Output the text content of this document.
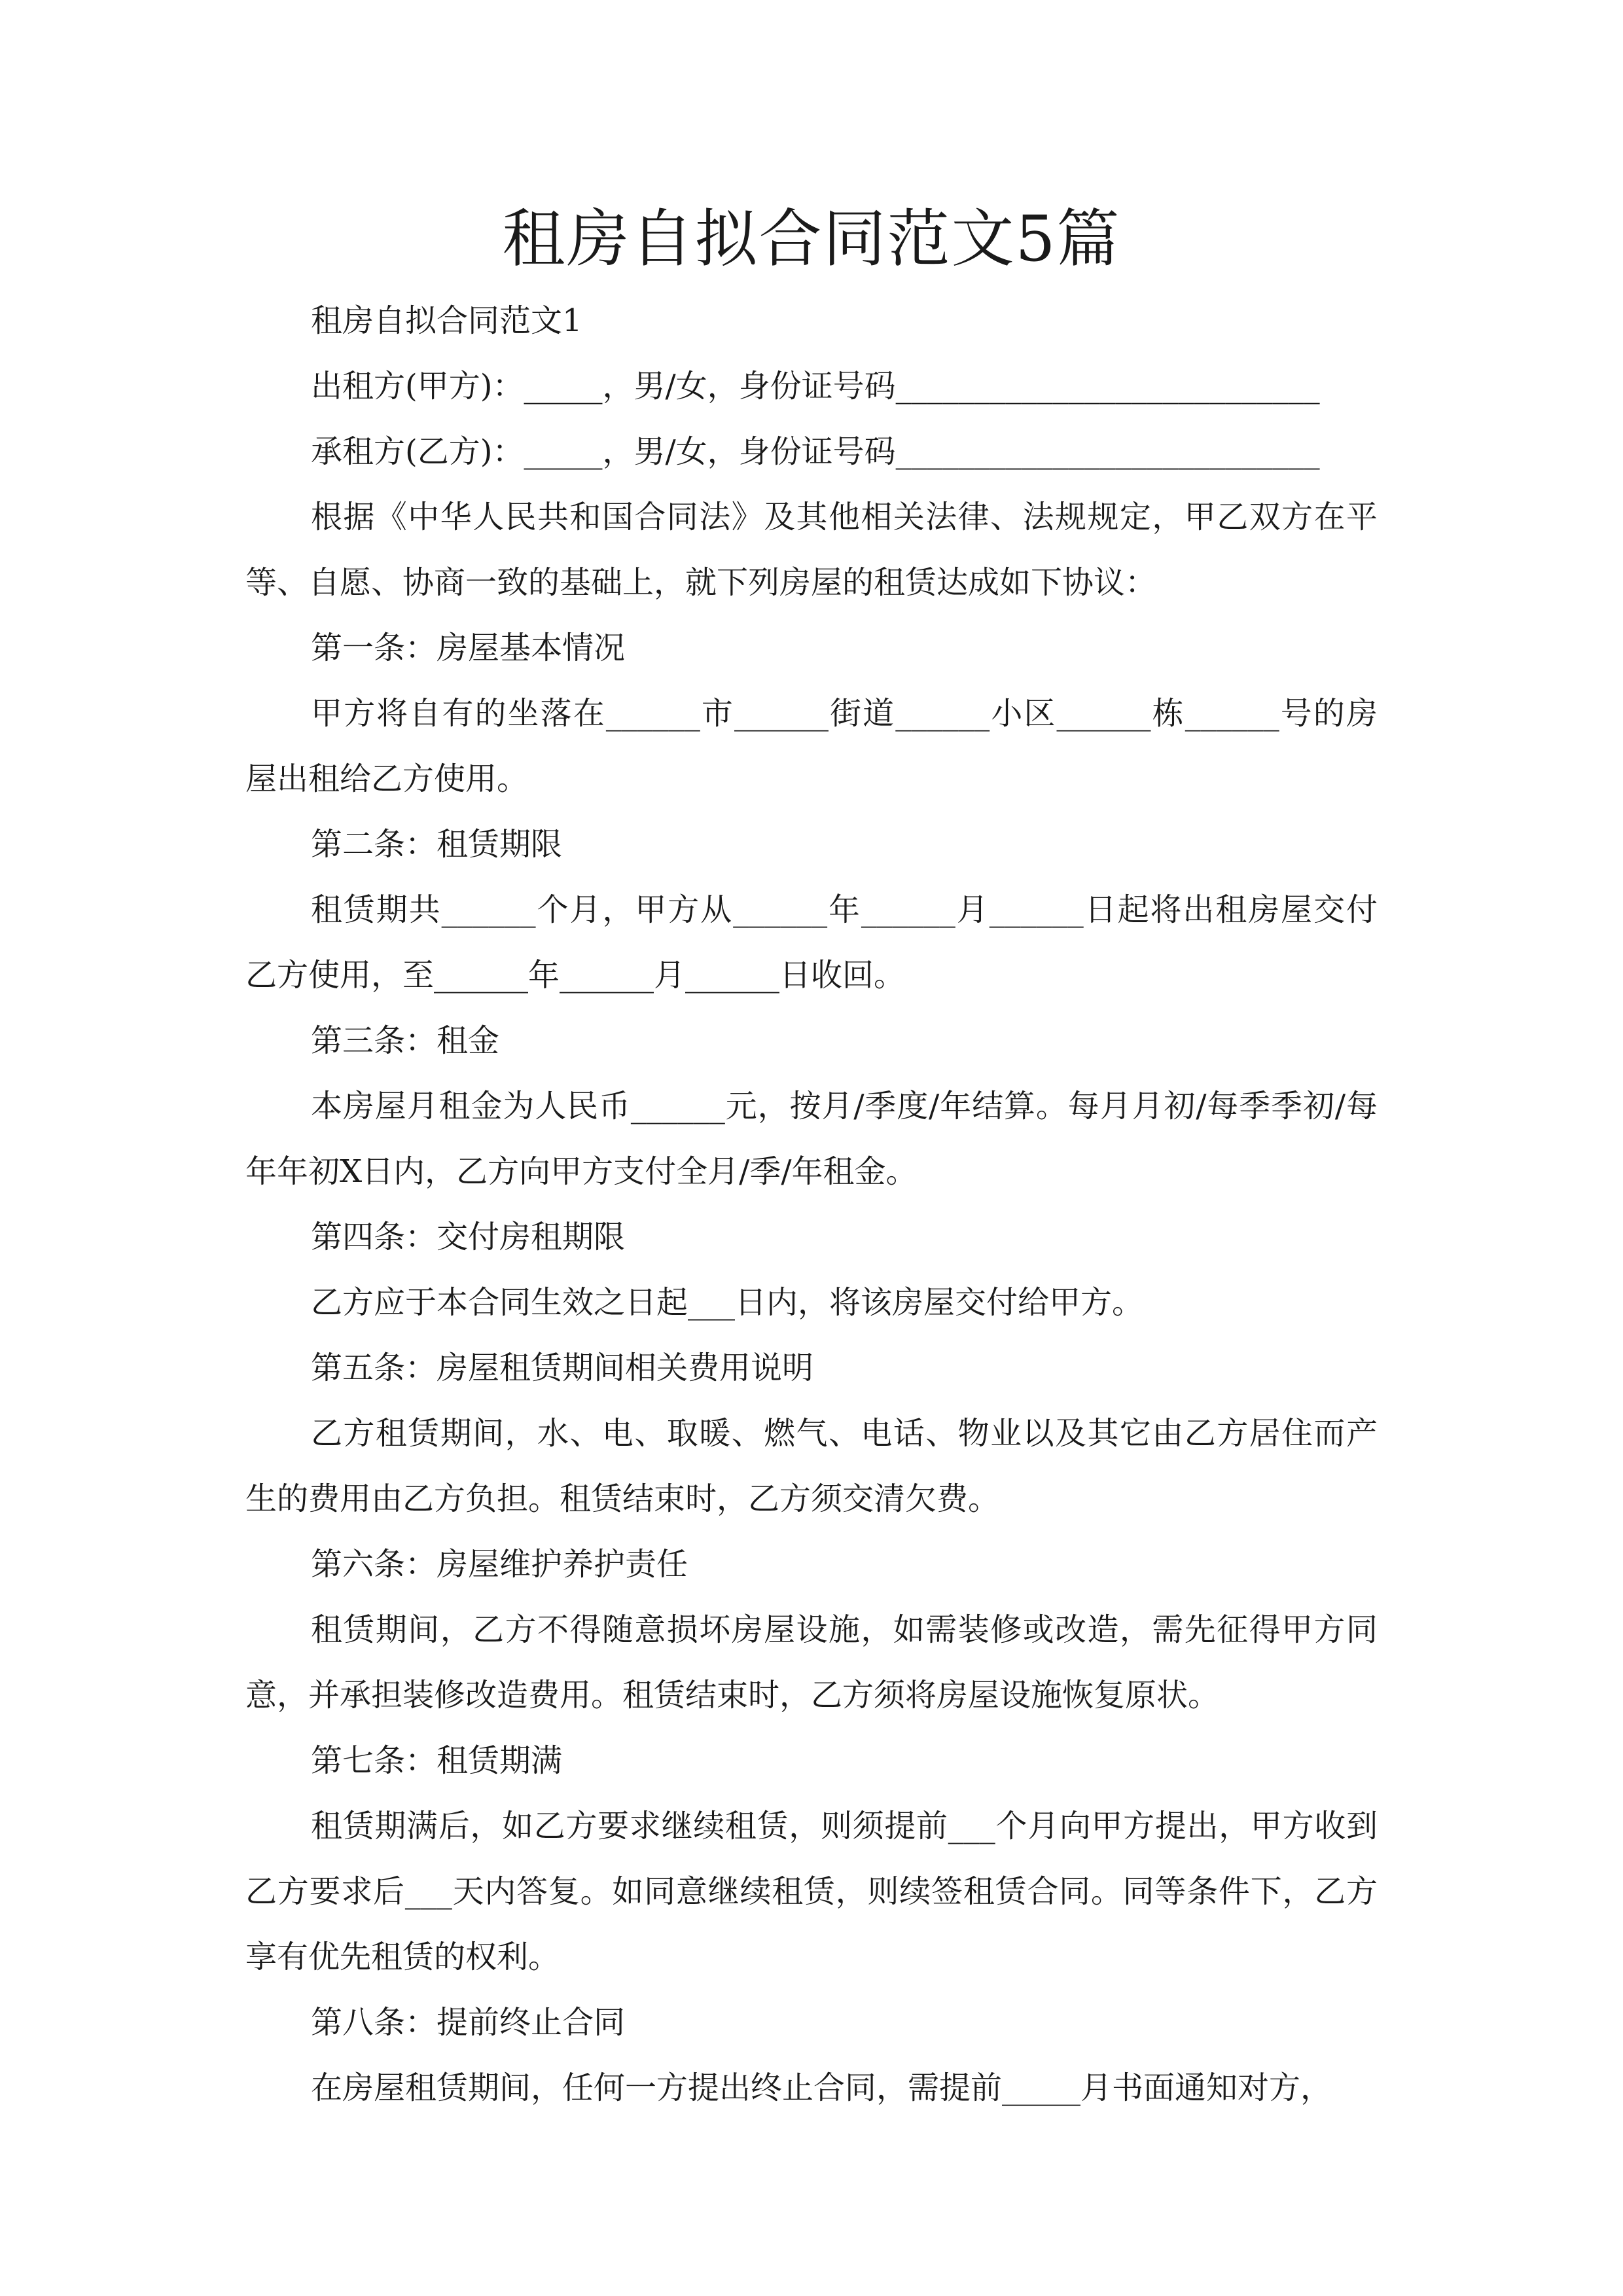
租房自拟合同范文5篇

租房自拟合同范文1

出租方(甲方)：_____，男/女，身份证号码___________________________

承租方(乙方)：_____，男/女，身份证号码___________________________

根据《中华人民共和国合同法》及其他相关法律、法规规定，甲乙双方在平等、自愿、协商一致的基础上，就下列房屋的租赁达成如下协议：

第一条：房屋基本情况

甲方将自有的坐落在______市______街道______小区______栋______号的房屋出租给乙方使用。

第二条：租赁期限

租赁期共______个月，甲方从______年______月______日起将出租房屋交付乙方使用，至______年______月______日收回。

第三条：租金

本房屋月租金为人民币______元，按月/季度/年结算。每月月初/每季季初/每年年初X日内，乙方向甲方支付全月/季/年租金。

第四条：交付房租期限

乙方应于本合同生效之日起___日内，将该房屋交付给甲方。

第五条：房屋租赁期间相关费用说明

乙方租赁期间，水、电、取暖、燃气、电话、物业以及其它由乙方居住而产生的费用由乙方负担。租赁结束时，乙方须交清欠费。

第六条：房屋维护养护责任

租赁期间，乙方不得随意损坏房屋设施，如需装修或改造，需先征得甲方同意，并承担装修改造费用。租赁结束时，乙方须将房屋设施恢复原状。

第七条：租赁期满

租赁期满后，如乙方要求继续租赁，则须提前___个月向甲方提出，甲方收到乙方要求后___天内答复。如同意继续租赁，则续签租赁合同。同等条件下，乙方享有优先租赁的权利。

第八条：提前终止合同

在房屋租赁期间，任何一方提出终止合同，需提前_____月书面通知对方，
